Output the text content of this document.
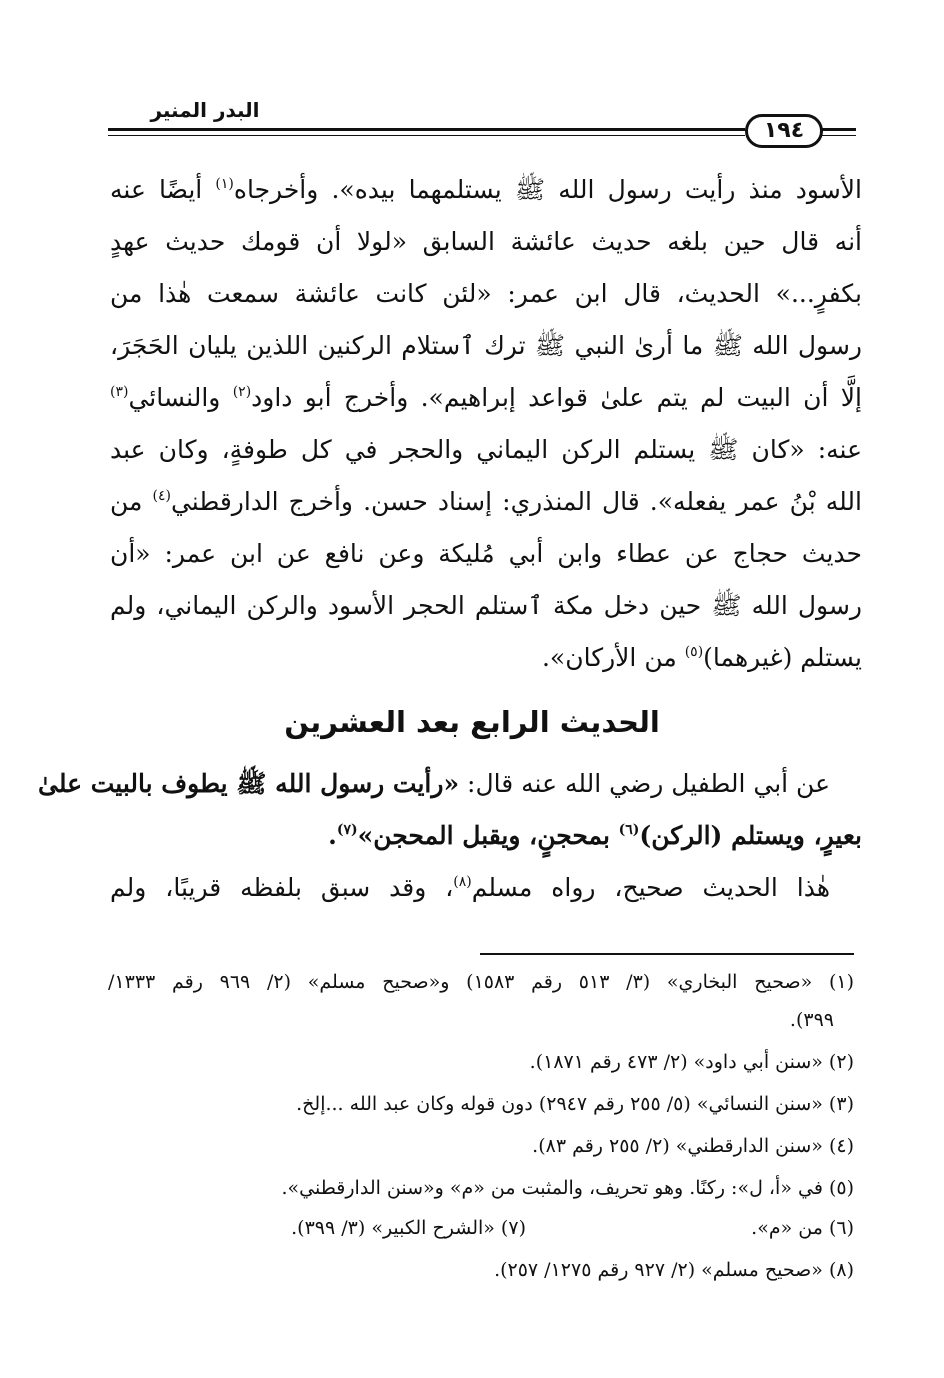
البدر المنير
١٩٤
الأسود منذ رأيت رسول الله ﷺ يستلمهما بيده». وأخرجاه$^{(١)}$ أيضًا عنه
أنه قال حين بلغه حديث عائشة السابق «لولا أن قومك حديث عهدٍ
بكفرٍ...» الحديث، قال ابن عمر: «لئن كانت عائشة سمعت هٰذا من
رسول الله ﷺ ما أرىٰ النبي ﷺ ترك ٱستلام الركنين اللذين يليان الحَجَرَ،
إلَّا أن البيت لم يتم علىٰ قواعد إبراهيم». وأخرج أبو داود$^{(٢)}$ والنسائي$^{(٣)}$
عنه: «كان ﷺ يستلم الركن اليماني والحجر في كل طوفةٍ، وكان عبد
الله بْنُ عمر يفعله». قال المنذري: إسناد حسن. وأخرج الدارقطني$^{(٤)}$ من
حديث حجاج عن عطاء وابن أبي مُليكة وعن نافع عن ابن عمر: «أن
رسول الله ﷺ حين دخل مكة ٱستلم الحجر الأسود والركن اليماني، ولم
يستلم (غيرهما)$^{(٥)}$ من الأركان».
الحديث الرابع بعد العشرين
عن أبي الطفيل رضي الله عنه قال: «رأيت رسول الله ﷺ يطوف بالبيت علىٰ
بعيرٍ، ويستلم (الركن)$^{(٦)}$ بمحجنٍ، ويقبل المحجن»$^{(٧)}$.
هٰذا الحديث صحيح، رواه مسلم$^{(٨)}$، وقد سبق بلفظه قريبًا، ولم
(١) «صحيح البخاري» (٣/ ٥١٣ رقم ١٥٨٣) و«صحيح مسلم» (٢/ ٩٦٩ رقم ١٣٣٣/
٣٩٩).
(٢) «سنن أبي داود» (٢/ ٤٧٣ رقم ١٨٧١).
(٣) «سنن النسائي» (٥/ ٢٥٥ رقم ٢٩٤٧) دون قوله وكان عبد الله ...إلخ.
(٤) «سنن الدارقطني» (٢/ ٢٥٥ رقم ٨٣).
(٥) في «أ، ل»: ركنًا. وهو تحريف، والمثبت من «م» و«سنن الدارقطني».
(٦) من «م».
(٧) «الشرح الكبير» (٣/ ٣٩٩).
(٨) «صحيح مسلم» (٢/ ٩٢٧ رقم ١٢٧٥/ ٢٥٧).
